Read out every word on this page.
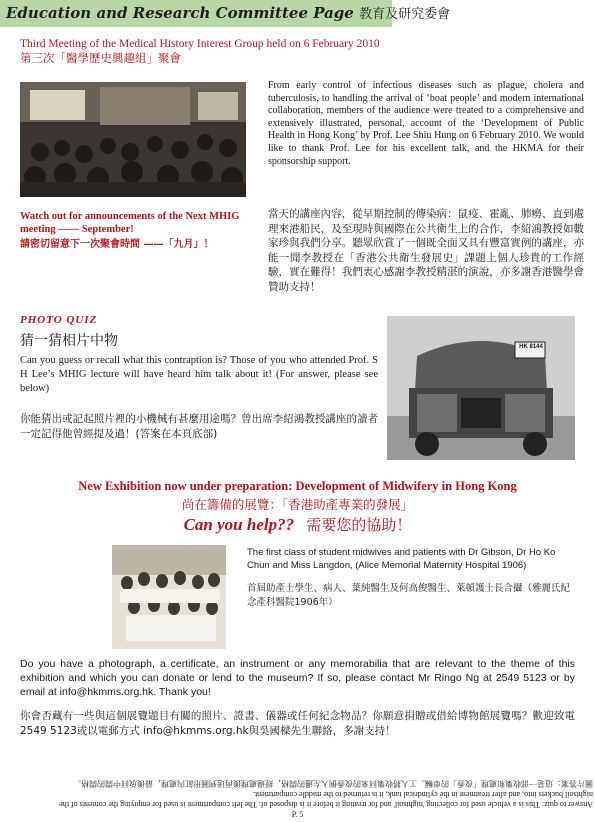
Education and Research Committee Page 教育及研究委會
Third Meeting of the Medical History Interest Group held on 6 February 2010
第三次「醫學歷史興趣組」聚會
From early control of infectious diseases such as plague, cholera and tuberculosis, to handling the arrival of ‘boat people’ and modern international collaboration, members of the audience were treated to a comprehensive and extensively illustrated, personal, account of the ‘Development of Public Health in Hong Kong’ by Prof. Lee Shiu Hung on 6 February 2010. We would like to thank Prof. Lee for his excellent talk, and the HKMA for their sponsorship support.
Watch out for announcements of the Next MHIG meeting —— September!
請密切留意下一次聚會時間 ——「九月」！
當天的講座內容，從早期控制的傳染病：鼠疫、霍亂、肺癆、直到處理來港船民，及至現時與國際在公共衛生上的合作，李紹鴻教授如數家珍與我們分享。聽眾欣賞了一個既全面又具有豐富實例的講座，亦能一聞李教授在「香港公共衛生發展史」課題上個人珍貴的工作經驗，實在難得！我們衷心感謝李教授精湛的演說，亦多謝香港醫學會贊助支持！
PHOTO QUIZ
猜一猜相片中物
Can you guess or recall what this contraption is? Those of you who attended Prof. S H Lee’s MHIG lecture will have heard him talk about it! (For answer, please see below)
你能猜出或記起照片裡的小機械有甚麼用途嗎？曾出席李紹鴻教授講座的讀者一定記得他曾經提及過！(答案在本頁底部)
HK 8144
New Exhibition now under preparation: Development of Midwifery in Hong Kong
尚在籌備的展覽：「香港助產專業的發展」
Can you help?? 需要您的協助！
The first class of student midwives and patients with Dr Gibson, Dr Ho Ko Chun and Miss Langdon, (Alice Memorial Maternity Hospital 1906)
首屆助產士學生、病人、葉純醫生及何高俊醫生、萊頓護士長合攝（雅麗氏紀念產科醫院1906年）
Do you have a photograph, a certificate, an instrument or any memorabilia that are relevant to the theme of this exhibition and which you can donate or lend to the museum? If so, please contact Mr Ringo Ng at 2549 5123 or by email at info@hkmms.org.hk. Thank you!
你會否藏有一些與這個展覽題目有關的照片、證書、儀器或任何紀念物品？你願意捐贈或借給博物館展覽嗎？歡迎致電 2549 5123或以電郵方式 info@hkmms.org.hk與吳國樑先生聯絡，多謝支持！
Answer to quiz: This is a vehicle used for collecting 'nightsoil' and for treating it before it is disposed of. The left compartment is used for emptying the contents of the nightsoil buckets into, and after treatment in the cylindrical tank, it is returned to the middle compartment.
圖片答案：這是一部收集和處理「夜香」的車輛。工人將收集回來的夜香倒入左邊的間格，經過處理後再送到圓形缸內處理，最後放回中間的間格。
P. 5
